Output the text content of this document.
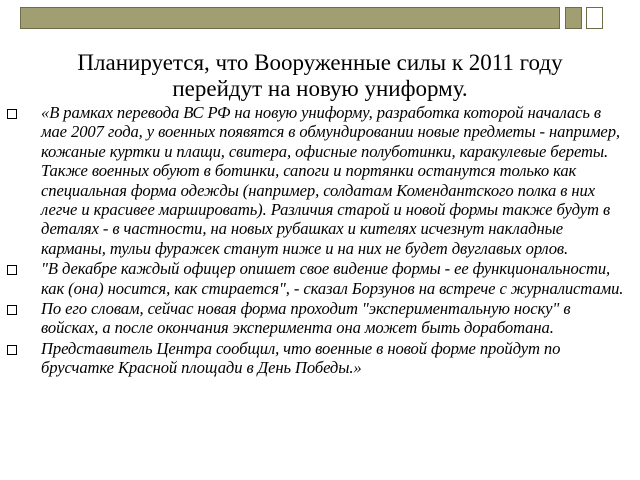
Планируется, что Вооруженные силы к 2011 году
перейдут на новую униформу.
«В рамках перевода ВС РФ на новую униформу, разработка которой началась в мае 2007 года, у военных появятся в обмундировании новые предметы - например, кожаные куртки и плащи, свитера, офисные полуботинки, каракулевые береты. Также военных обуют в ботинки, сапоги и портянки останутся только как специальная форма одежды (например, солдатам Комендантского полка в них легче и красивее маршировать). Различия старой и новой формы также будут в деталях - в частности, на новых рубашках и кителях исчезнут накладные карманы, тульи фуражек станут ниже и на них не будет двуглавых орлов.
"В декабре каждый офицер опишет свое видение формы - ее функциональности, как (она) носится, как стирается", - сказал Борзунов на встрече с журналистами.
По его словам, сейчас новая форма проходит "экспериментальную носку" в войсках, а после окончания эксперимента она может быть доработана.
Представитель Центра сообщил, что военные в новой форме пройдут по брусчатке Красной площади в День Победы.»
